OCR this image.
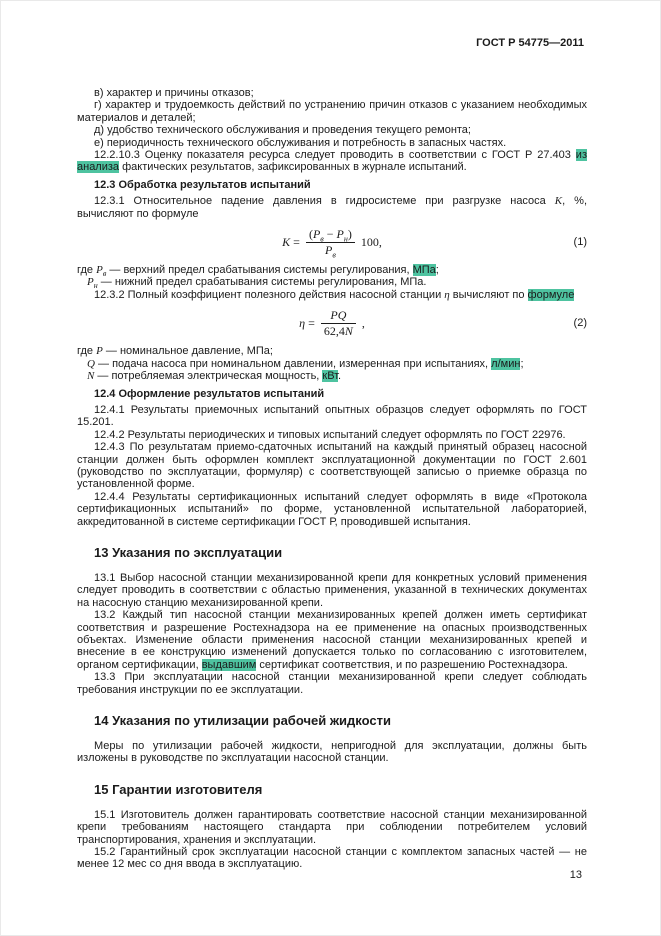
ГОСТ Р 54775—2011

в) характер и причины отказов;

г) характер и трудоемкость действий по устранению причин отказов с указанием необходимых материалов и деталей;

д) удобство технического обслуживания и проведения текущего ремонта;

е) периодичность технического обслуживания и потребность в запасных частях.

12.2.10.3 Оценку показателя ресурса следует проводить в соответствии с ГОСТ Р 27.403 из анализа фактических результатов, зафиксированных в журнале испытаний.

12.3 Обработка результатов испытаний

12.3.1 Относительное падение давления в гидросистеме при разгрузке насоса K, %, вычисляют по формуле

$K = \frac{(P_в - P_н)}{P_в} 100$,	(1)

где $P_в$ — верхний предел срабатывания системы регулирования, МПа;

$P_н$ — нижний предел срабатывания системы регулирования, МПа.

12.3.2 Полный коэффициент полезного действия насосной станции η вычисляют по формуле

$\eta = \frac{PQ}{62,4N}$ ,	(2)

где P — номинальное давление, МПа;

Q — подача насоса при номинальном давлении, измеренная при испытаниях, л/мин;

N — потребляемая электрическая мощность, кВт.

12.4 Оформление результатов испытаний

12.4.1 Результаты приемочных испытаний опытных образцов следует оформлять по ГОСТ 15.201.

12.4.2 Результаты периодических и типовых испытаний следует оформлять по ГОСТ 22976.

12.4.3 По результатам приемо-сдаточных испытаний на каждый принятый образец насосной станции должен быть оформлен комплект эксплуатационной документации по ГОСТ 2.601 (руководство по эксплуатации, формуляр) с соответствующей записью о приемке образца по установленной форме.

12.4.4 Результаты сертификационных испытаний следует оформлять в виде «Протокола сертификационных испытаний» по форме, установленной испытательной лабораторией, аккредитованной в системе сертификации ГОСТ Р, проводившей испытания.

13 Указания по эксплуатации

13.1 Выбор насосной станции механизированной крепи для конкретных условий применения следует проводить в соответствии с областью применения, указанной в технических документах на насосную станцию механизированной крепи.

13.2 Каждый тип насосной станции механизированных крепей должен иметь сертификат соответствия и разрешение Ростехнадзора на ее применение на опасных производственных объектах. Изменение области применения насосной станции механизированных крепей и внесение в ее конструкцию изменений допускается только по согласованию с изготовителем, органом сертификации, выдавшим сертификат соответствия, и по разрешению Ростехнадзора.

13.3 При эксплуатации насосной станции механизированной крепи следует соблюдать требования инструкции по ее эксплуатации.

14 Указания по утилизации рабочей жидкости

Меры по утилизации рабочей жидкости, непригодной для эксплуатации, должны быть изложены в руководстве по эксплуатации насосной станции.

15 Гарантии изготовителя

15.1 Изготовитель должен гарантировать соответствие насосной станции механизированной крепи требованиям настоящего стандарта при соблюдении потребителем условий транспортирования, хранения и эксплуатации.

15.2 Гарантийный срок эксплуатации насосной станции с комплектом запасных частей — не менее 12 мес со дня ввода в эксплуатацию.

13
